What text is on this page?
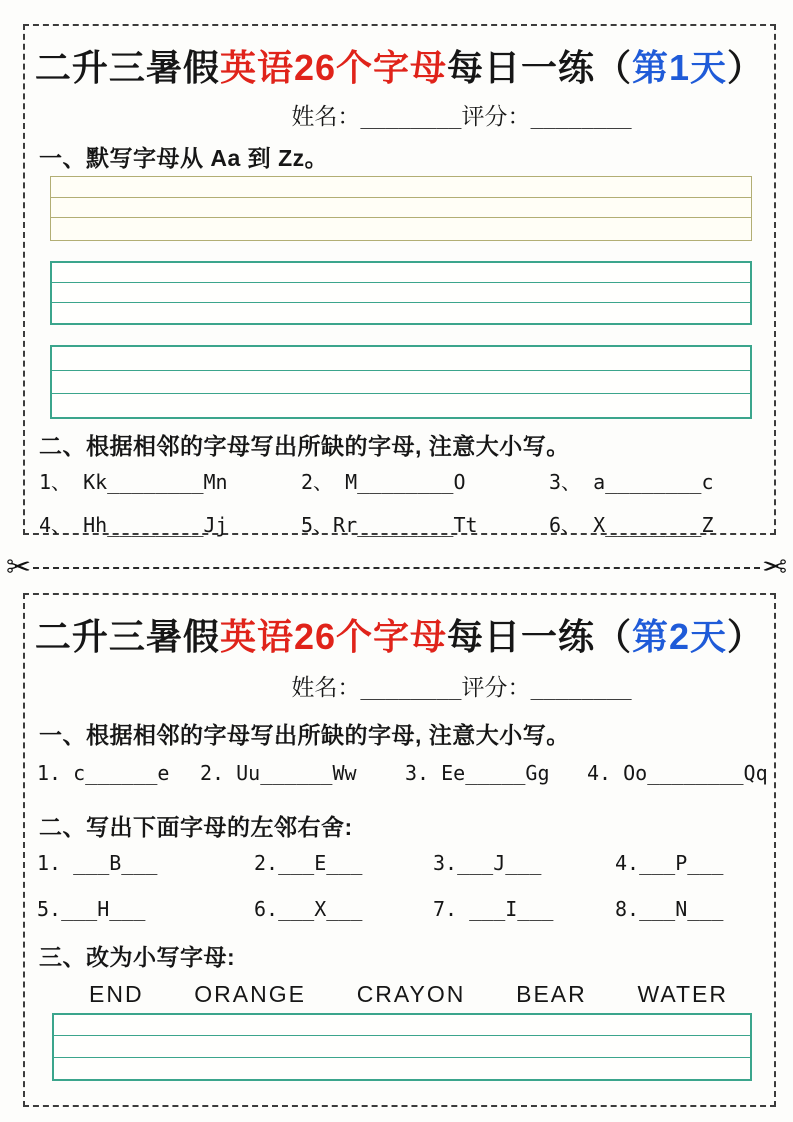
二升三暑假英语26个字母每日一练（第1天）
姓名：________评分：________
一、默写字母从 Aa 到 Zz。
二、根据相邻的字母写出所缺的字母, 注意大小写。
1、 Kk________Mn	2、 M________O	3、 a________c
4、 Hh________Jj	5、Rr________Tt	6、 X________Z
✂	✂
二升三暑假英语26个字母每日一练（第2天）
姓名：________评分：________
一、根据相邻的字母写出所缺的字母, 注意大小写。
1. c______e	2. Uu______Ww	3. Ee_____Gg	4. Oo________Qq
二、写出下面字母的左邻右舍:
1. ___B___	2.___E___	3.___J___	4.___P___
5.___H___	6.___X___	7. ___I___	8.___N___
三、改为小写字母:
END ORANGE CRAYON BEAR WATER
